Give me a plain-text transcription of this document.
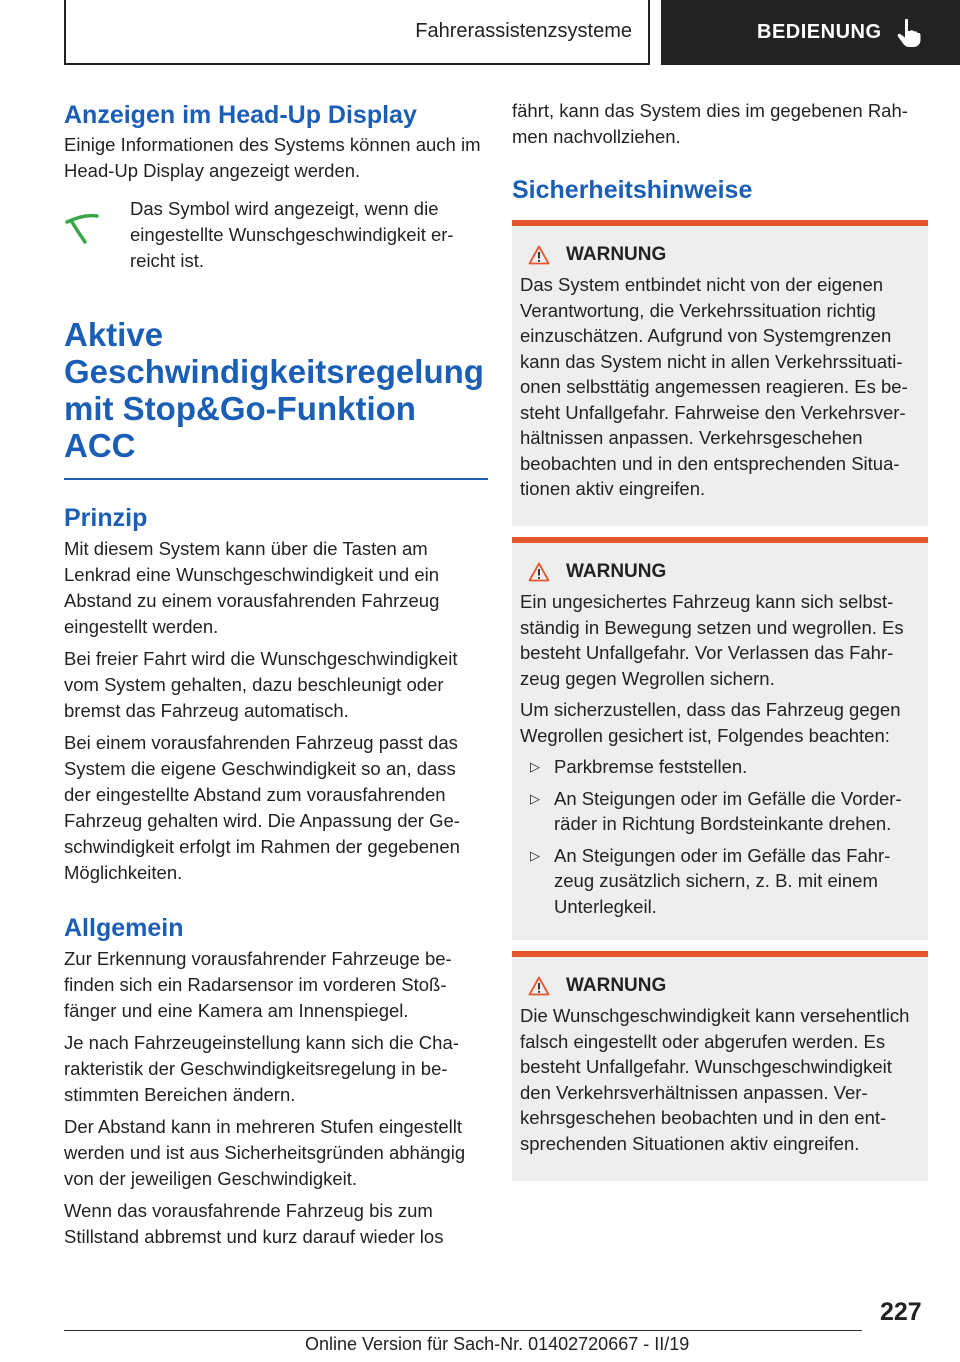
Fahrerassistenzsysteme	BEDIENUNG
Anzeigen im Head-Up Display
Einige Informationen des Systems können auch im Head-Up Display angezeigt werden.
Das Symbol wird angezeigt, wenn die eingestellte Wunschgeschwindigkeit erreicht ist.
Aktive Geschwindigkeitsregelung mit Stop&Go-Funktion ACC
Prinzip
Mit diesem System kann über die Tasten am Lenkrad eine Wunschgeschwindigkeit und ein Abstand zu einem vorausfahrenden Fahrzeug eingestellt werden.
Bei freier Fahrt wird die Wunschgeschwindigkeit vom System gehalten, dazu beschleunigt oder bremst das Fahrzeug automatisch.
Bei einem vorausfahrenden Fahrzeug passt das System die eigene Geschwindigkeit so an, dass der eingestellte Abstand zum vorausfahrenden Fahrzeug gehalten wird. Die Anpassung der Geschwindigkeit erfolgt im Rahmen der gegebenen Möglichkeiten.
Allgemein
Zur Erkennung vorausfahrender Fahrzeuge befinden sich ein Radarsensor im vorderen Stoßfänger und eine Kamera am Innenspiegel.
Je nach Fahrzeugeinstellung kann sich die Charakteristik der Geschwindigkeitsregelung in bestimmten Bereichen ändern.
Der Abstand kann in mehreren Stufen eingestellt werden und ist aus Sicherheitsgründen abhängig von der jeweiligen Geschwindigkeit.
Wenn das vorausfahrende Fahrzeug bis zum Stillstand abbremst und kurz darauf wieder los
fährt, kann das System dies im gegebenen Rahmen nachvollziehen.
Sicherheitshinweise
WARNUNG
Das System entbindet nicht von der eigenen Verantwortung, die Verkehrssituation richtig einzuschätzen. Aufgrund von Systemgrenzen kann das System nicht in allen Verkehrssituationen selbsttätig angemessen reagieren. Es besteht Unfallgefahr. Fahrweise den Verkehrsverhältnissen anpassen. Verkehrsgeschehen beobachten und in den entsprechenden Situationen aktiv eingreifen.
WARNUNG
Ein ungesichertes Fahrzeug kann sich selbstständig in Bewegung setzen und wegrollen. Es besteht Unfallgefahr. Vor Verlassen das Fahrzeug gegen Wegrollen sichern.
Um sicherzustellen, dass das Fahrzeug gegen Wegrollen gesichert ist, Folgendes beachten:
▷ Parkbremse feststellen.
▷ An Steigungen oder im Gefälle die Vorderräder in Richtung Bordsteinkante drehen.
▷ An Steigungen oder im Gefälle das Fahrzeug zusätzlich sichern, z. B. mit einem Unterlegkeil.
WARNUNG
Die Wunschgeschwindigkeit kann versehentlich falsch eingestellt oder abgerufen werden. Es besteht Unfallgefahr. Wunschgeschwindigkeit den Verkehrsverhältnissen anpassen. Verkehrsgeschehen beobachten und in den entsprechenden Situationen aktiv eingreifen.
227
Online Version für Sach-Nr. 01402720667 - II/19
